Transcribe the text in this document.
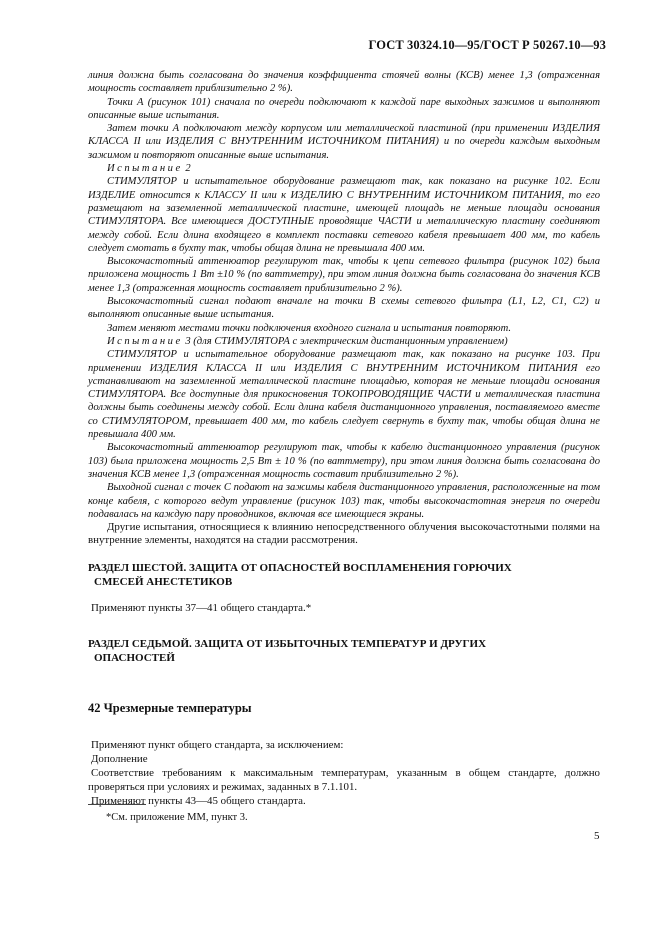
ГОСТ 30324.10—95/ГОСТ Р 50267.10—93

линия должна быть согласована до значения коэффициента стоячей волны (КСВ) менее 1,3 (отраженная мощность составляет приблизительно 2 %).

Точки А (рисунок 101) сначала по очереди подключают к каждой паре выходных зажимов и выполняют описанные выше испытания.

Затем точки А подключают между корпусом или металлической пластиной (при применении ИЗДЕЛИЯ КЛАССА II или ИЗДЕЛИЯ С ВНУТРЕННИМ ИСТОЧНИКОМ ПИТАНИЯ) и по очереди каждым выходным зажимом и повторяют описанные выше испытания.

Испытание 2

СТИМУЛЯТОР и испытательное оборудование размещают так, как показано на рисунке 102. Если ИЗДЕЛИЕ относится к КЛАССУ II или к ИЗДЕЛИЮ С ВНУТРЕННИМ ИСТОЧНИКОМ ПИТАНИЯ, то его размещают на заземленной металлической пластине, имеющей площадь не меньше площади основания СТИМУЛЯТОРА. Все имеющиеся ДОСТУПНЫЕ проводящие ЧАСТИ и металлическую пластину соединяют между собой. Если длина входящего в комплект поставки сетевого кабеля превышает 400 мм, то кабель следует смотать в бухту так, чтобы общая длина не превышала 400 мм.

Высокочастотный аттенюатор регулируют так, чтобы к цепи сетевого фильтра (рисунок 102) была приложена мощность 1 Вт ±10 % (по ваттметру), при этом линия должна быть согласована до значения КСВ менее 1,3 (отраженная мощность составляет приблизительно 2 %).

Высокочастотный сигнал подают вначале на точки В схемы сетевого фильтра (L1, L2, С1, С2) и выполняют описанные выше испытания.

Затем меняют местами точки подключения входного сигнала и испытания повторяют.

Испытание 3 (для СТИМУЛЯТОРА с электрическим дистанционным управлением)

СТИМУЛЯТОР и испытательное оборудование размещают так, как показано на рисунке 103. При применении ИЗДЕЛИЯ КЛАССА II или ИЗДЕЛИЯ С ВНУТРЕННИМ ИСТОЧНИКОМ ПИТАНИЯ его устанавливают на заземленной металлической пластине площадью, которая не меньше площади основания СТИМУЛЯТОРА. Все доступные для прикосновения ТОКОПРОВОДЯЩИЕ ЧАСТИ и металлическая пластина должны быть соединены между собой. Если длина кабеля дистанционного управления, поставляемого вместе со СТИМУЛЯТОРОМ, превышает 400 мм, то кабель следует свернуть в бухту так, чтобы общая длина не превышала 400 мм.

Высокочастотный аттенюатор регулируют так, чтобы к кабелю дистанционного управления (рисунок 103) была приложена мощность 2,5 Вт ± 10 % (по ваттметру), при этом линия должна быть согласована до значения КСВ менее 1,3 (отраженная мощность составит приблизительно 2 %).

Выходной сигнал с точек С подают на зажимы кабеля дистанционного управления, расположенные на том конце кабеля, с которого ведут управление (рисунок 103) так, чтобы высокочастотная энергия по очереди подавалась на каждую пару проводников, включая все имеющиеся экраны.

Другие испытания, относящиеся к влиянию непосредственного облучения высокочастотными полями на внутренние элементы, находятся на стадии рассмотрения.

РАЗДЕЛ ШЕСТОЙ. ЗАЩИТА ОТ ОПАСНОСТЕЙ ВОСПЛАМЕНЕНИЯ ГОРЮЧИХ
СМЕСЕЙ АНЕСТЕТИКОВ
Применяют пункты 37—41 общего стандарта.*
РАЗДЕЛ СЕДЬМОЙ. ЗАЩИТА ОТ ИЗБЫТОЧНЫХ ТЕМПЕРАТУР И ДРУГИХ
ОПАСНОСТЕЙ
42 Чрезмерные температуры

Применяют пункт общего стандарта, за исключением:

Дополнение

Соответствие требованиям к максимальным температурам, указанным в общем стандарте, должно проверяться при условиях и режимах, заданных в 7.1.101.

Применяют пункты 43—45 общего стандарта.

*См. приложение ММ, пункт 3.
5
